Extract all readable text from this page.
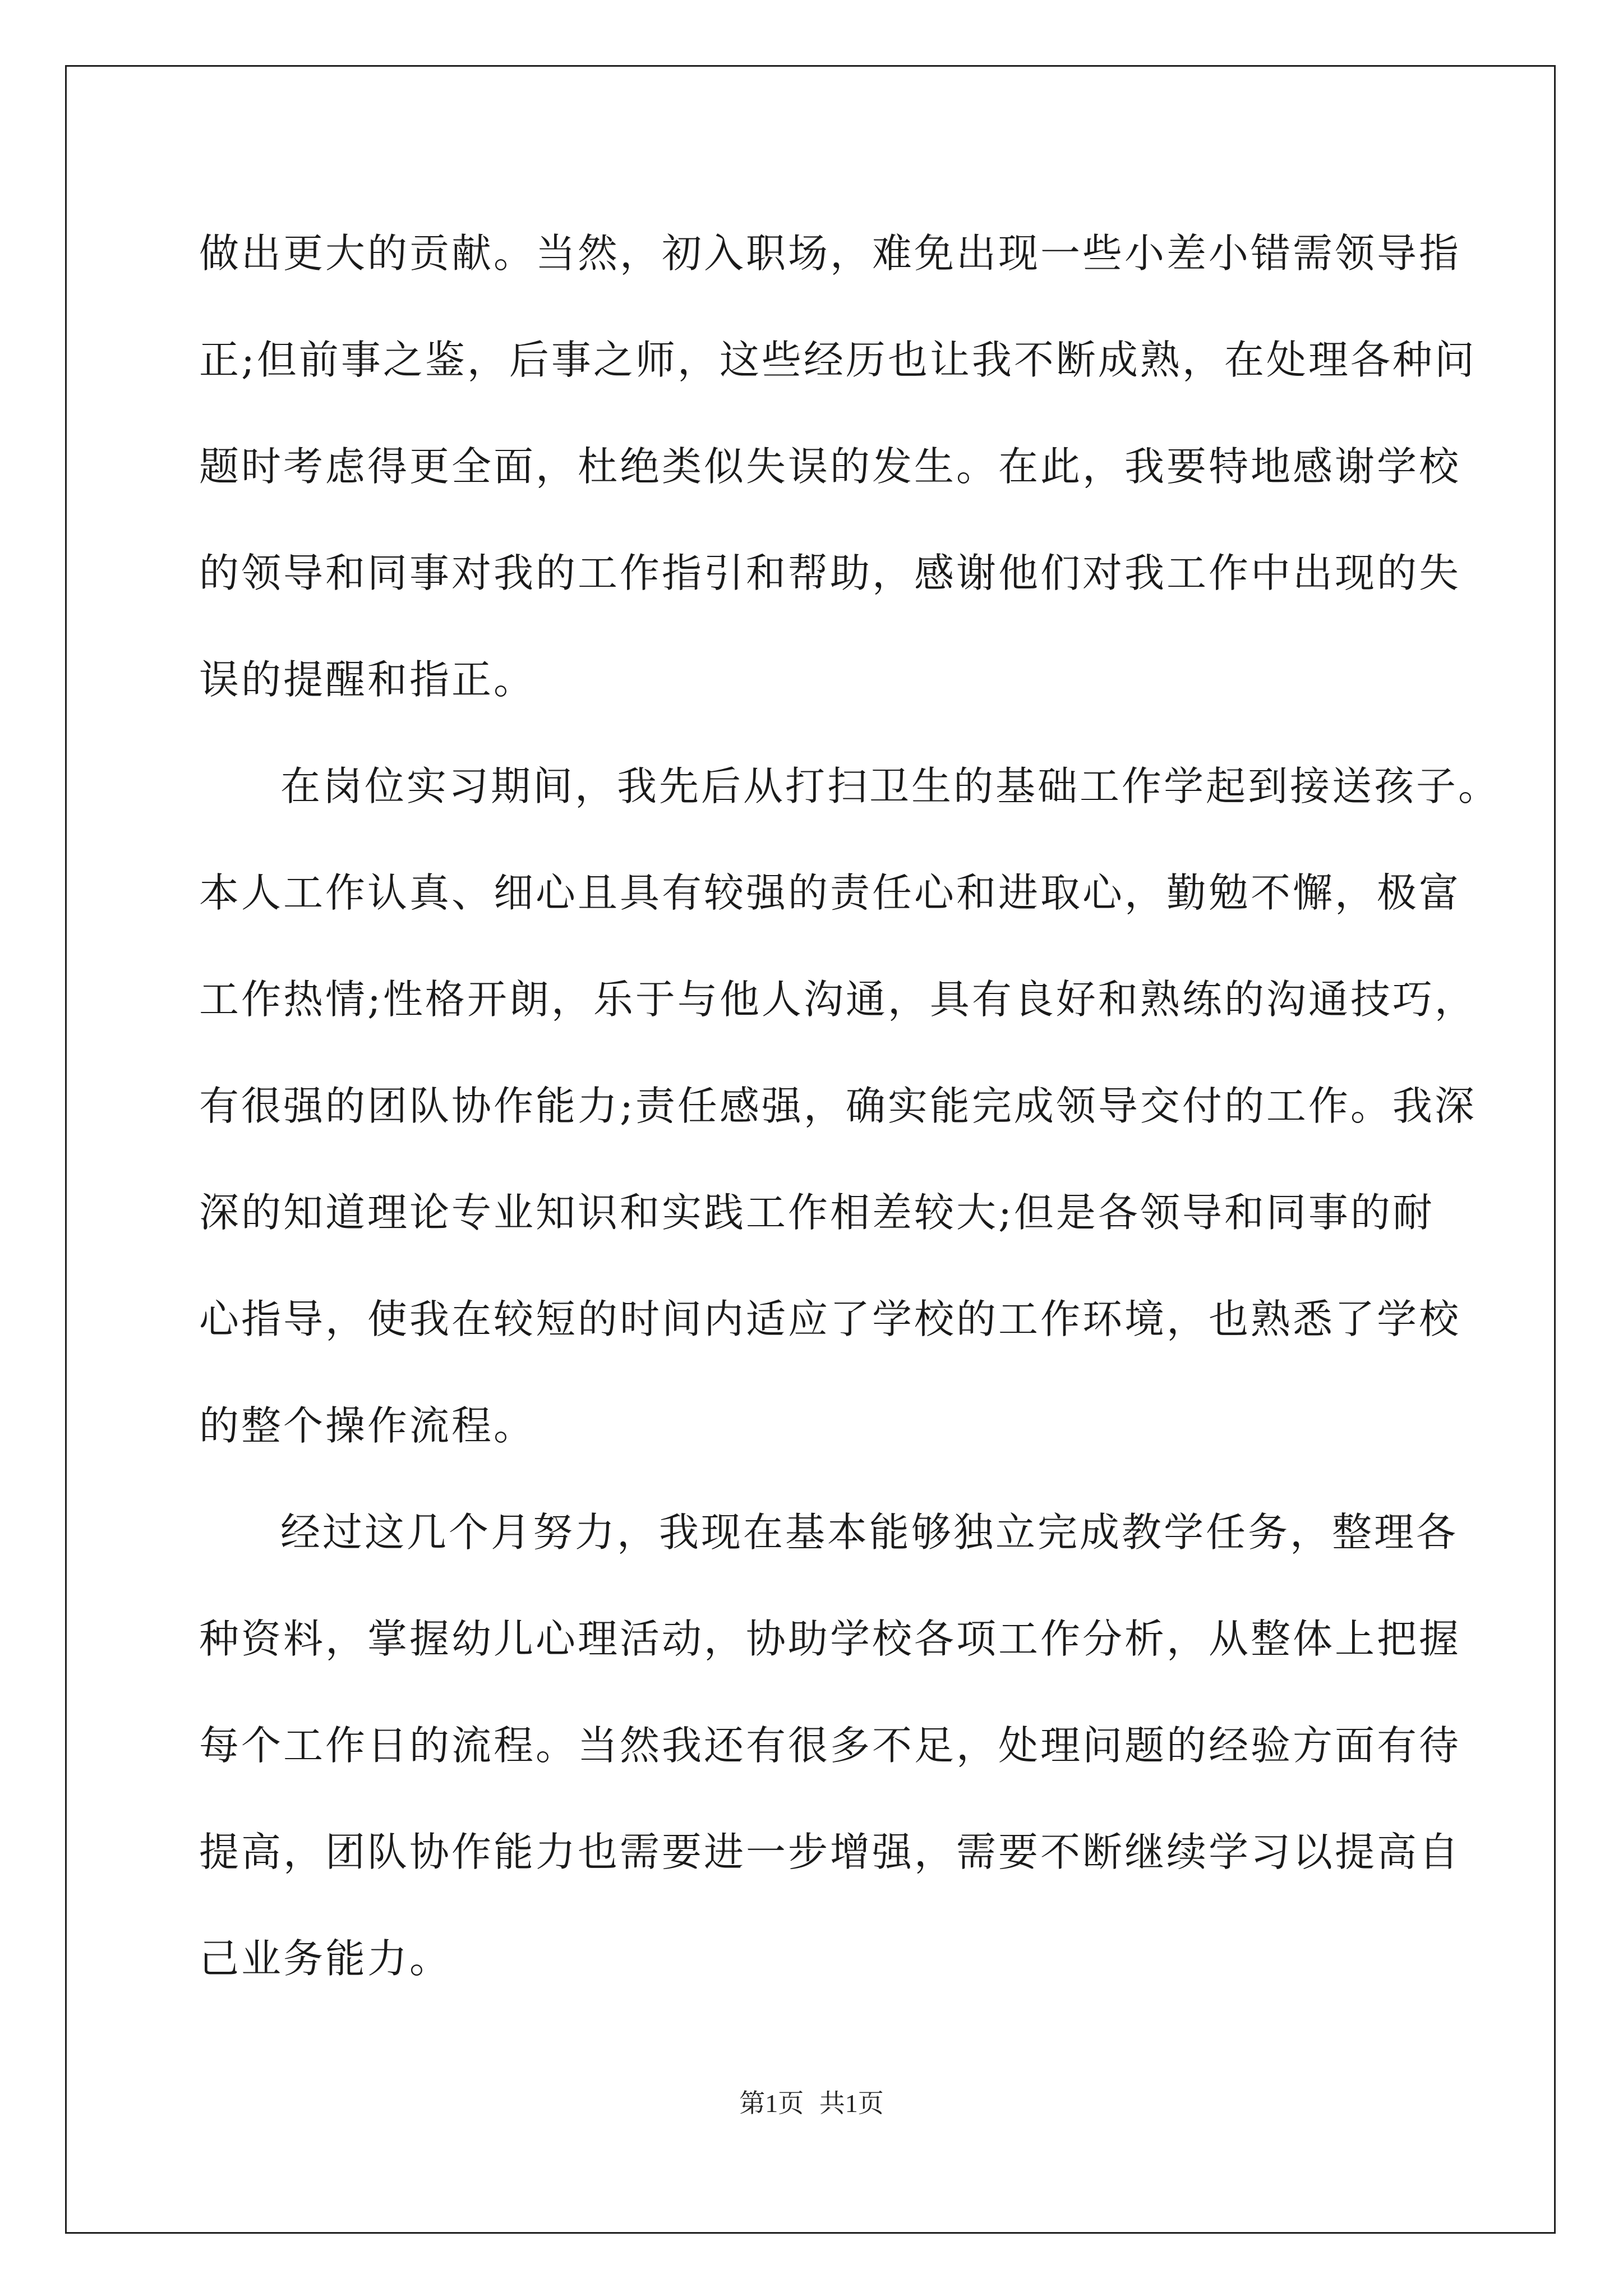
做出更大的贡献。当然，初入职场，难免出现一些小差小错需领导指
正;但前事之鉴，后事之师，这些经历也让我不断成熟，在处理各种问
题时考虑得更全面，杜绝类似失误的发生。在此，我要特地感谢学校
的领导和同事对我的工作指引和帮助，感谢他们对我工作中出现的失
误的提醒和指正。
在岗位实习期间，我先后从打扫卫生的基础工作学起到接送孩子。
本人工作认真、细心且具有较强的责任心和进取心，勤勉不懈，极富
工作热情;性格开朗，乐于与他人沟通，具有良好和熟练的沟通技巧，
有很强的团队协作能力;责任感强，确实能完成领导交付的工作。我深
深的知道理论专业知识和实践工作相差较大;但是各领导和同事的耐
心指导，使我在较短的时间内适应了学校的工作环境，也熟悉了学校
的整个操作流程。
经过这几个月努力，我现在基本能够独立完成教学任务，整理各
种资料，掌握幼儿心理活动，协助学校各项工作分析，从整体上把握
每个工作日的流程。当然我还有很多不足，处理问题的经验方面有待
提高，团队协作能力也需要进一步增强，需要不断继续学习以提高自
己业务能力。
第1页 共1页
